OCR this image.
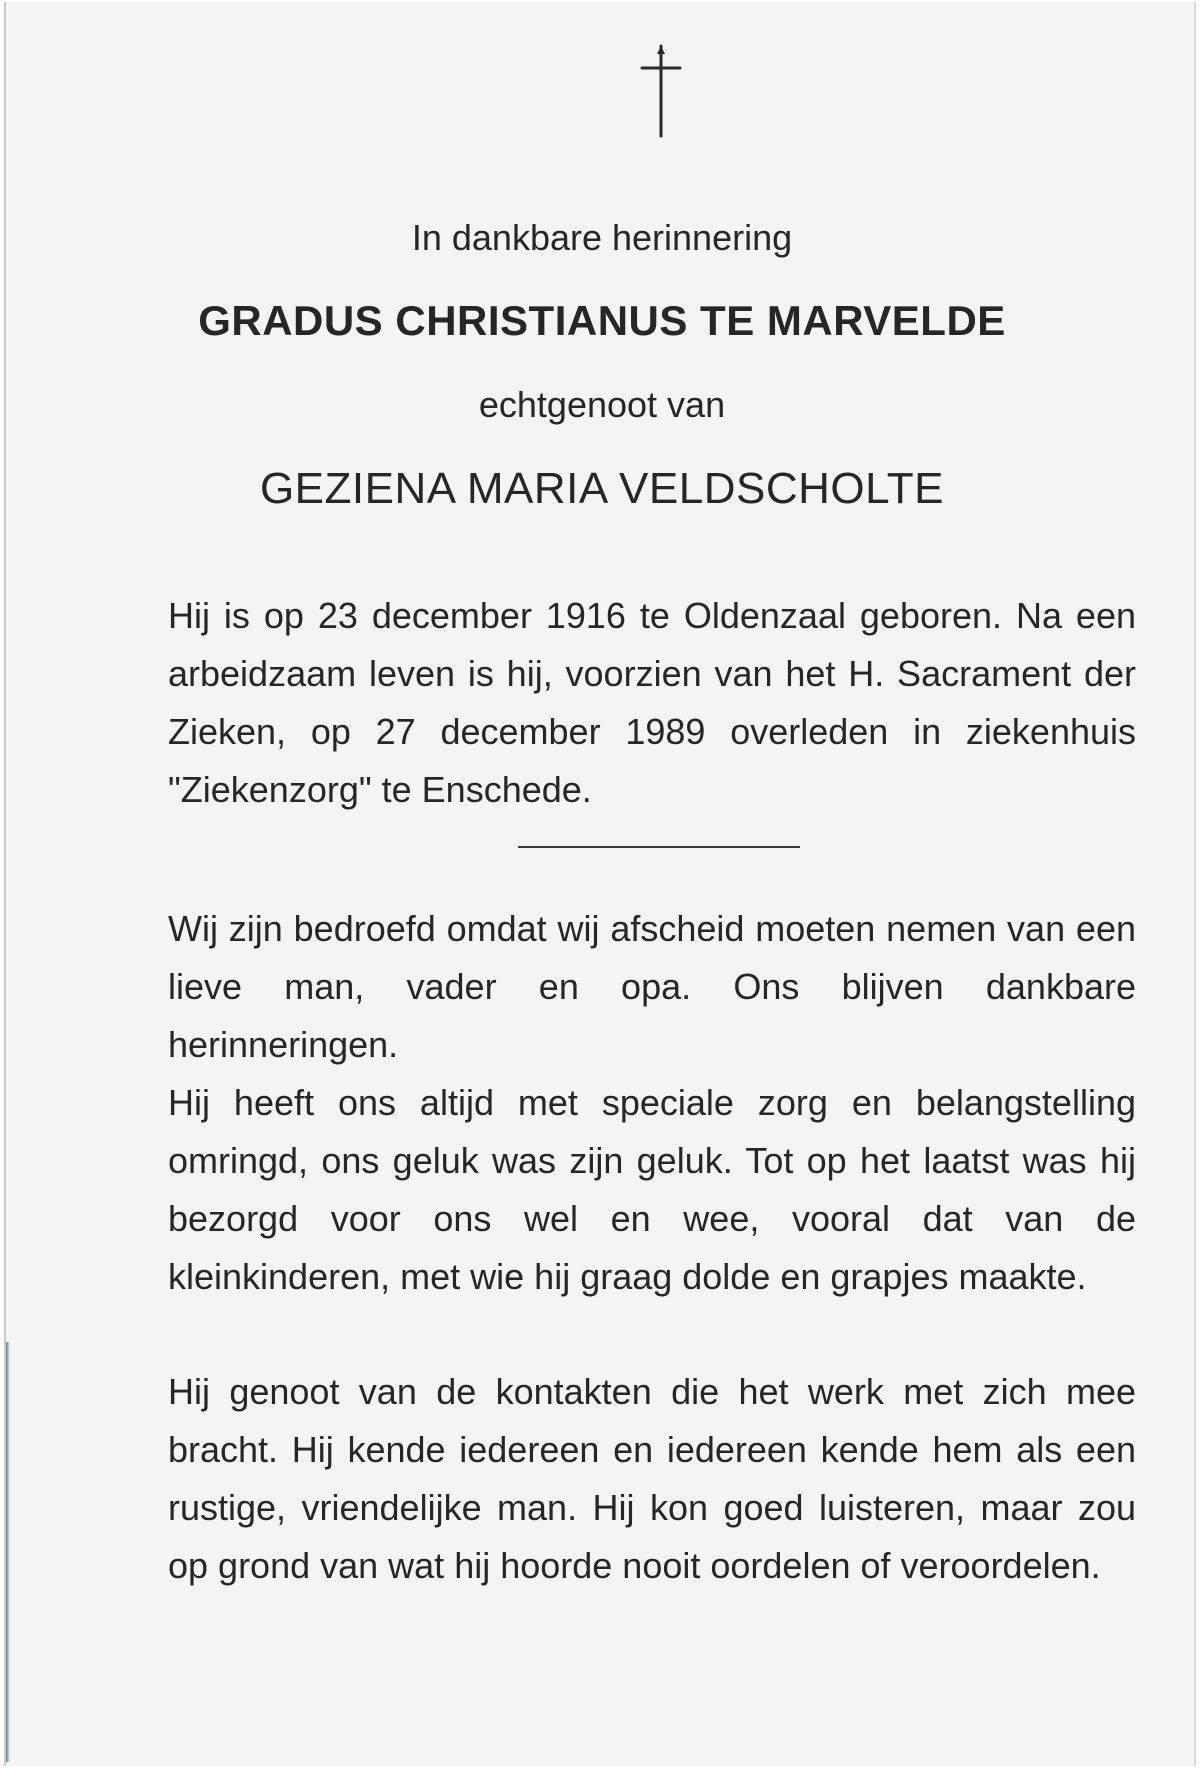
In dankbare herinnering

GRADUS CHRISTIANUS TE MARVELDE

echtgenoot van

GEZIENA MARIA VELDSCHOLTE

Hij is op 23 december 1916 te Oldenzaal geboren. Na een arbeidzaam leven is hij, voorzien van het H. Sacrament der Zieken, op 27 december 1989 overleden in ziekenhuis "Ziekenzorg" te Enschede.

Wij zijn bedroefd omdat wij afscheid moeten nemen van een lieve man, vader en opa. Ons blijven dankbare herinneringen.

Hij heeft ons altijd met speciale zorg en belangstelling omringd, ons geluk was zijn geluk. Tot op het laatst was hij bezorgd voor ons wel en wee, vooral dat van de kleinkinderen, met wie hij graag dolde en grapjes maakte.

Hij genoot van de kontakten die het werk met zich mee bracht. Hij kende iedereen en iedereen kende hem als een rustige, vriendelijke man. Hij kon goed luisteren, maar zou op grond van wat hij hoorde nooit oordelen of veroordelen.
